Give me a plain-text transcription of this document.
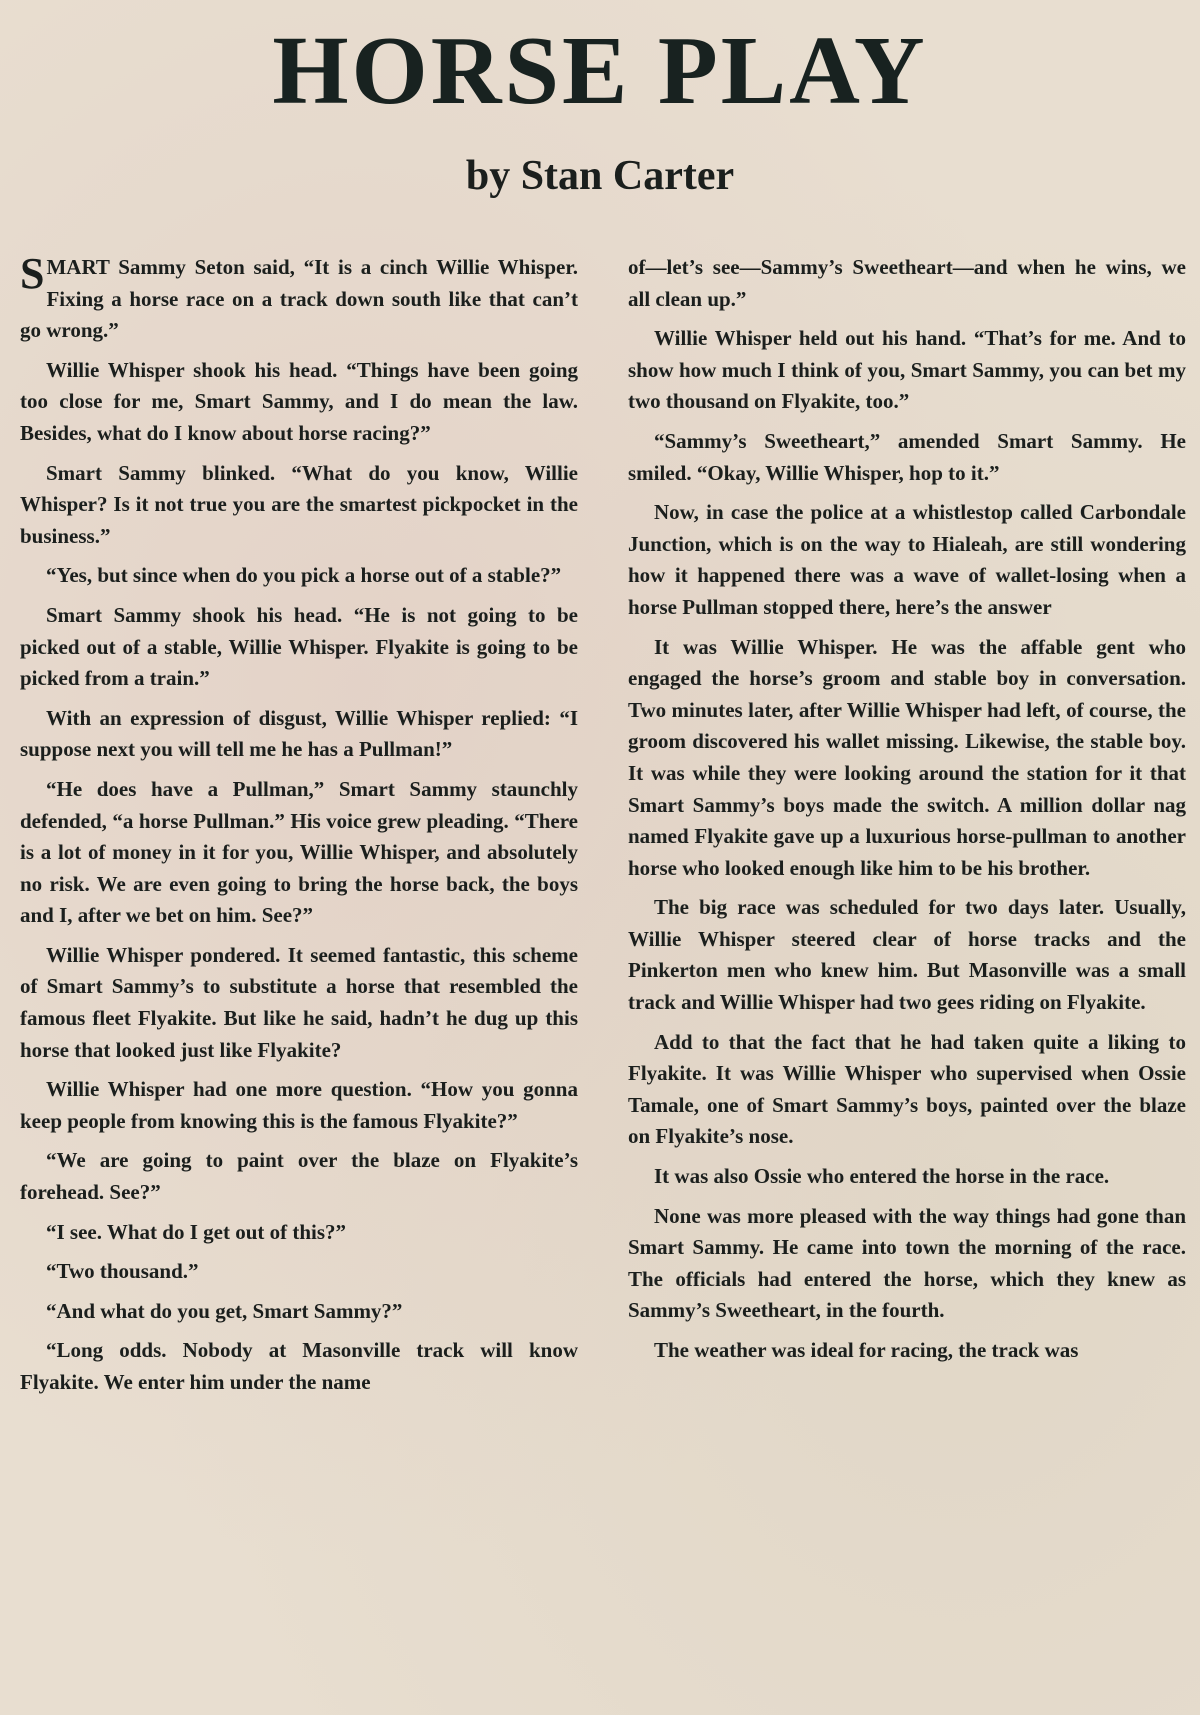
HORSE PLAY
by Stan Carter

SMART Sammy Seton said, “It is a cinch Willie Whisper. Fixing a horse race on a track down south like that can’t go wrong.”

Willie Whisper shook his head. “Things have been going too close for me, Smart Sammy, and I do mean the law. Besides, what do I know about horse racing?”

Smart Sammy blinked. “What do you know, Willie Whisper? Is it not true you are the smartest pickpocket in the business.”

“Yes, but since when do you pick a horse out of a stable?”

Smart Sammy shook his head. “He is not going to be picked out of a stable, Willie Whisper. Flyakite is going to be picked from a train.”

With an expression of disgust, Willie Whisper replied: “I suppose next you will tell me he has a Pullman!”

“He does have a Pullman,” Smart Sammy staunchly defended, “a horse Pullman.” His voice grew pleading. “There is a lot of money in it for you, Willie Whisper, and absolutely no risk. We are even going to bring the horse back, the boys and I, after we bet on him. See?”

Willie Whisper pondered. It seemed fantastic, this scheme of Smart Sammy’s to substitute a horse that resembled the famous fleet Flyakite. But like he said, hadn’t he dug up this horse that looked just like Flyakite?

Willie Whisper had one more question. “How you gonna keep people from knowing this is the famous Flyakite?”

“We are going to paint over the blaze on Flyakite’s forehead. See?”

“I see. What do I get out of this?”

“Two thousand.”

“And what do you get, Smart Sammy?”

“Long odds. Nobody at Masonville track will know Flyakite. We enter him under the name

of—let’s see—Sammy’s Sweetheart—and when he wins, we all clean up.”

Willie Whisper held out his hand. “That’s for me. And to show how much I think of you, Smart Sammy, you can bet my two thousand on Flyakite, too.”

“Sammy’s Sweetheart,” amended Smart Sammy. He smiled. “Okay, Willie Whisper, hop to it.”

Now, in case the police at a whistlestop called Carbondale Junction, which is on the way to Hialeah, are still wondering how it happened there was a wave of wallet-losing when a horse Pullman stopped there, here’s the answer

It was Willie Whisper. He was the affable gent who engaged the horse’s groom and stable boy in conversation. Two minutes later, after Willie Whisper had left, of course, the groom discovered his wallet missing. Likewise, the stable boy. It was while they were looking around the station for it that Smart Sammy’s boys made the switch. A million dollar nag named Flyakite gave up a luxurious horse-pullman to another horse who looked enough like him to be his brother.

The big race was scheduled for two days later. Usually, Willie Whisper steered clear of horse tracks and the Pinkerton men who knew him. But Masonville was a small track and Willie Whisper had two gees riding on Flyakite.

Add to that the fact that he had taken quite a liking to Flyakite. It was Willie Whisper who supervised when Ossie Tamale, one of Smart Sammy’s boys, painted over the blaze on Flyakite’s nose.

It was also Ossie who entered the horse in the race.

None was more pleased with the way things had gone than Smart Sammy. He came into town the morning of the race. The officials had entered the horse, which they knew as Sammy’s Sweetheart, in the fourth.

The weather was ideal for racing, the track was
